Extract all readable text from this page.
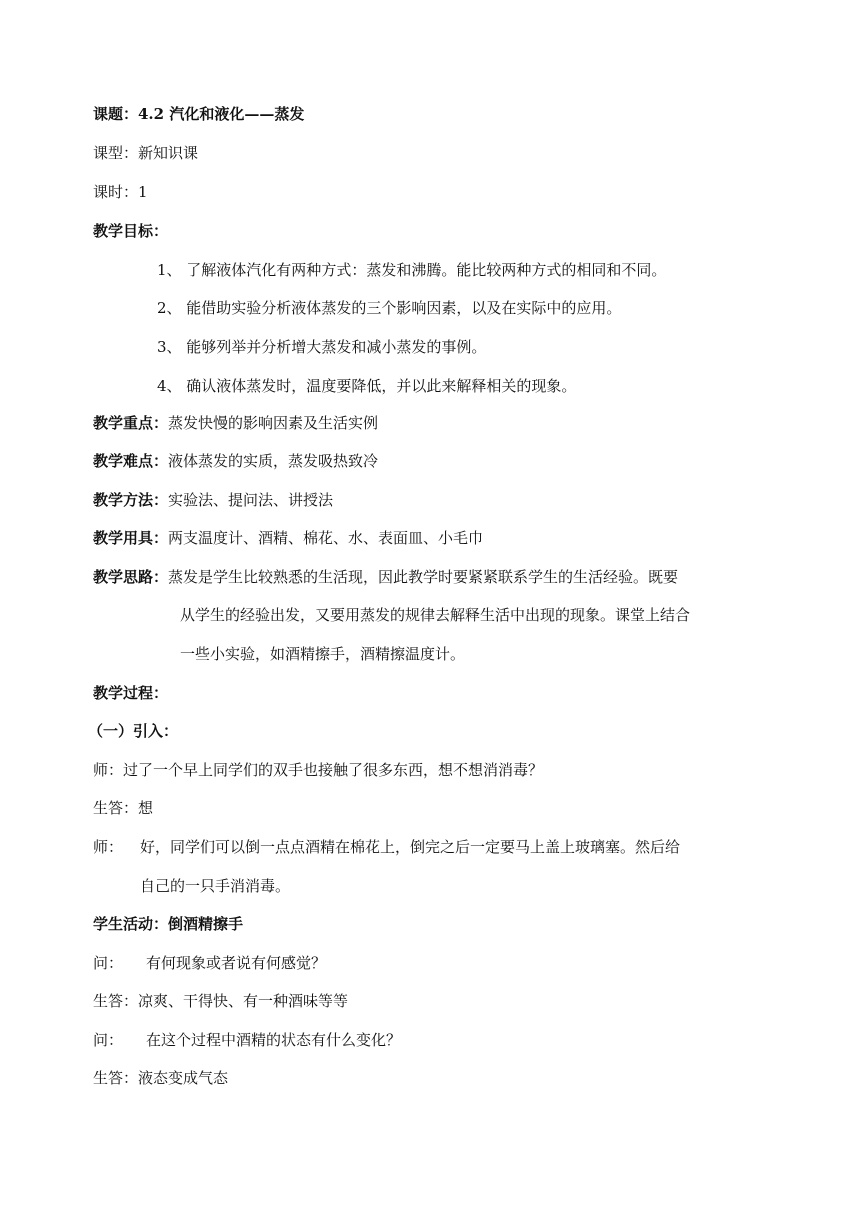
课题：4.2 汽化和液化——蒸发
课型：新知识课
课时：1
教学目标：
1、 了解液体汽化有两种方式：蒸发和沸腾。能比较两种方式的相同和不同。
2、 能借助实验分析液体蒸发的三个影响因素，以及在实际中的应用。
3、 能够列举并分析增大蒸发和减小蒸发的事例。
4、 确认液体蒸发时，温度要降低，并以此来解释相关的现象。
教学重点：蒸发快慢的影响因素及生活实例
教学难点：液体蒸发的实质，蒸发吸热致冷
教学方法：实验法、提问法、讲授法
教学用具：两支温度计、酒精、棉花、水、表面皿、小毛巾
教学思路：蒸发是学生比较熟悉的生活现，因此教学时要紧紧联系学生的生活经验。既要
从学生的经验出发，又要用蒸发的规律去解释生活中出现的现象。课堂上结合
一些小实验，如酒精擦手，酒精擦温度计。
教学过程：
（一）引入：
师：过了一个早上同学们的双手也接触了很多东西，想不想消消毒？
生答：想
师： 好，同学们可以倒一点点酒精在棉花上，倒完之后一定要马上盖上玻璃塞。然后给
自己的一只手消消毒。
学生活动：倒酒精擦手
问： 有何现象或者说有何感觉？
生答：凉爽、干得快、有一种酒味等等
问： 在这个过程中酒精的状态有什么变化？
生答：液态变成气态
